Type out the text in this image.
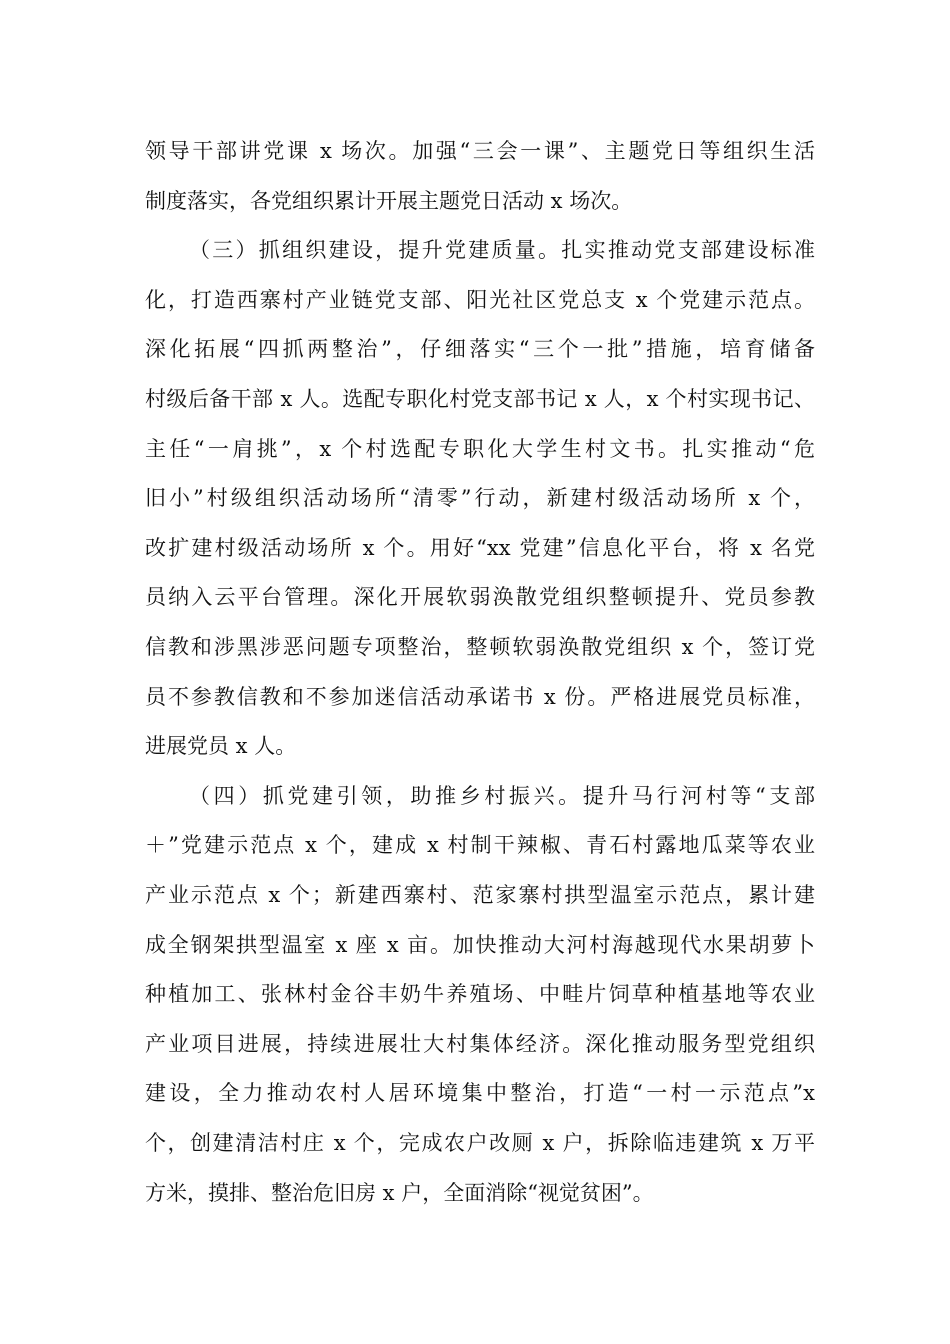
领导干部讲党课 x 场次。加强“三会一课”、主题党日等组织生活
制度落实，各党组织累计开展主题党日活动 x 场次。
（三）抓组织建设，提升党建质量。扎实推动党支部建设标准
化，打造西寨村产业链党支部、阳光社区党总支 x 个党建示范点。
深化拓展“四抓两整治”，仔细落实“三个一批”措施，培育储备
村级后备干部 x 人。选配专职化村党支部书记 x 人，x 个村实现书记、
主任“一肩挑”，x 个村选配专职化大学生村文书。扎实推动“危
旧小”村级组织活动场所“清零”行动，新建村级活动场所 x 个，
改扩建村级活动场所 x 个。用好“xx 党建”信息化平台，将 x 名党
员纳入云平台管理。深化开展软弱涣散党组织整顿提升、党员参教
信教和涉黑涉恶问题专项整治，整顿软弱涣散党组织 x 个，签订党
员不参教信教和不参加迷信活动承诺书 x 份。严格进展党员标准，
进展党员 x 人。
（四）抓党建引领，助推乡村振兴。提升马行河村等“支部
＋”党建示范点 x 个，建成 x 村制干辣椒、青石村露地瓜菜等农业
产业示范点 x 个；新建西寨村、范家寨村拱型温室示范点，累计建
成全钢架拱型温室 x 座 x 亩。加快推动大河村海越现代水果胡萝卜
种植加工、张林村金谷丰奶牛养殖场、中畦片饲草种植基地等农业
产业项目进展，持续进展壮大村集体经济。深化推动服务型党组织
建设，全力推动农村人居环境集中整治，打造“一村一示范点”x
个，创建清洁村庄 x 个，完成农户改厕 x 户，拆除临违建筑 x 万平
方米，摸排、整治危旧房 x 户，全面消除“视觉贫困”。
